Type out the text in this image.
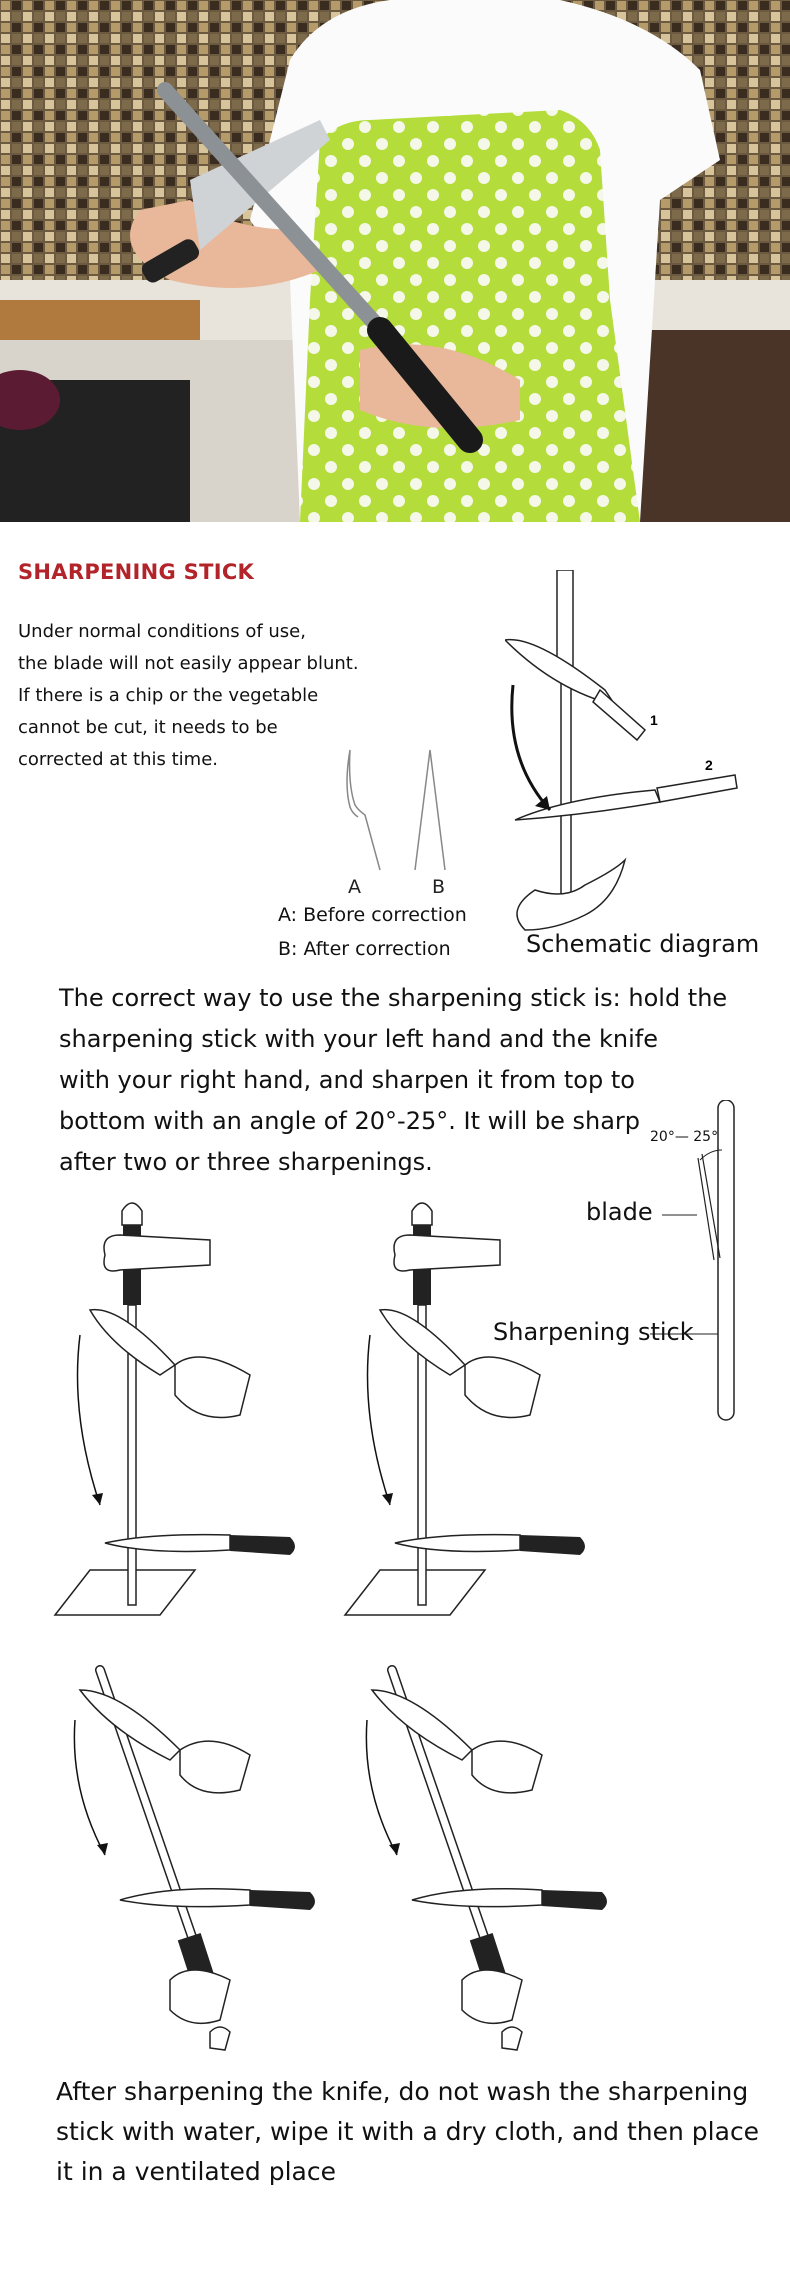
SHARPENING STICK
Under normal conditions of use,
the blade will not easily appear blunt.
If there is a chip or the vegetable
cannot be cut, it needs to be
corrected at this time.
A	B
A: Before correction
B: After correction
1
2
Schematic diagram
The correct way to use the sharpening stick is: hold the
sharpening stick with your left hand and the knife
with your right hand, and sharpen it from top to
bottom with an angle of 20°-25°. It will be sharp
after two or three sharpenings.
20°— 25°
blade
Sharpening stick
After sharpening the knife, do not wash the sharpening
stick with water, wipe it with a dry cloth, and then place
it in a ventilated place
